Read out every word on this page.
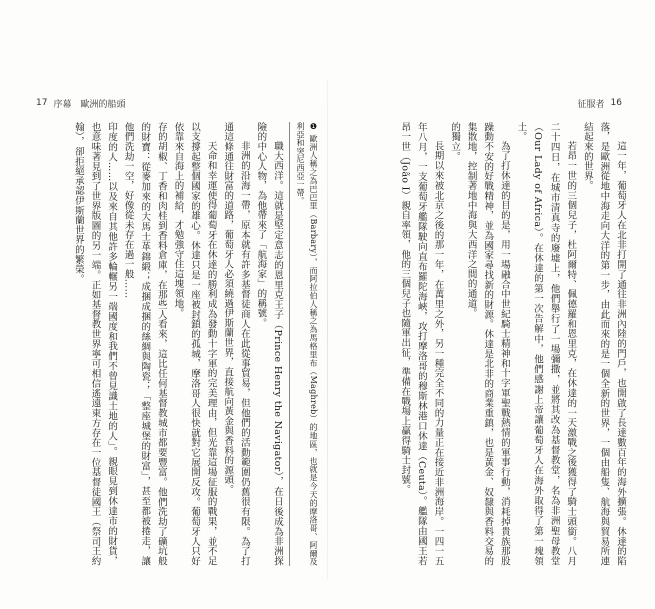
17 序幕　歐洲的船頭

❶ 歐洲人稱之為巴巴里（Barbary），而阿拉伯人稱之為馬格里布（Maghreb）的地區，也就是今天的摩洛哥、阿爾及利亞和突尼西亞一帶。

職大西洋。這就是堅定意志的恩里克王子（Prince Henry the Navigator），在日後成為非洲探險的中心人物，為他帶來了「航海家」的稱號。

非洲的沿海一帶，原本就有許多基督徒商人在此從事貿易，但他們的活動範圍仍舊很有限。為了打通這條通往財富的道路，葡萄牙人必須繞過伊斯蘭世界，直接航向黃金與香料的源頭。

天命和幸運使得葡萄牙在休達的勝利成為發動十字軍的完美理由，但光靠這場征服的戰果，並不足以支撐起整個國家的雄心。休達只是一座被封鎖的孤城，摩洛哥人很快就對它展開反攻。葡萄牙人只好依靠來自海上的補給，才勉強守住這塊領地。

存的胡椒、丁香和肉桂到香料倉庫，在那些人看來，這比任何基督教城市都要豐富。他們洗劫了礦坑般的財寶：從麥加來的大馬士革錦緞；成捆成捆的絲綢與陶瓷；「整座城堡的財富」，甚至都被捲走，讓他們洗劫一空，好像從未存在過一般……

印度的人……以及來自其他許多輪輾另一端國度和我們不曾見識土地的人」。親眼見到休達市的財貨，也意味著見到了世界版圖的另一端。正如基督教世界寧可相信遙遠東方存在一位基督徒國王（祭司王約翰），卻拒絕承認伊斯蘭世界的繁榮。

征服者 16

這一年，葡萄牙人在北非打開了通往非洲內陸的門戶，也開啟了長達數百年的海外擴張。休達的陷落，是歐洲從地中海走向大洋的第一步，由此而來的是一個全新的世界，一個由船隻、航海與貿易所連結起來的世界。

若昂一世的三個兒子，杜阿爾特、佩德羅和恩里克，在休達的一天激戰之後獲得了騎士頭銜。八月二十四日，在城市清真寺的廢墟上，他們舉行了一場彌撒，並將其改為基督教堂，名為非洲聖母教堂（Our Lady of Africa）。在休達的第一次告解中，他們感謝上帝讓葡萄牙人在海外取得了第一塊領土。

為了打休達的目的是，用一場融合中世紀騎士精神和十字軍聖戰熱情的軍事行動，消耗掉貴族那股躁動不安的好戰精神，並為國家尋找新的財源。休達是北非的商業重鎮，也是黃金、奴隸與香料交易的集散地，控制著地中海與大西洋之間的通道。

的獨立。

長期以來被北京之後的那一年，在萬里之外，另一種完全不同的力量正在接近非洲海岸。一四一五年八月，一支葡萄牙艦隊駛向直布羅陀海峽，攻打摩洛哥的穆斯林港口休達（Ceuta）。艦隊由國王若昂一世（João I）親自率領，他的三個兒子也隨軍出征，準備在戰場上贏得騎士封號。
